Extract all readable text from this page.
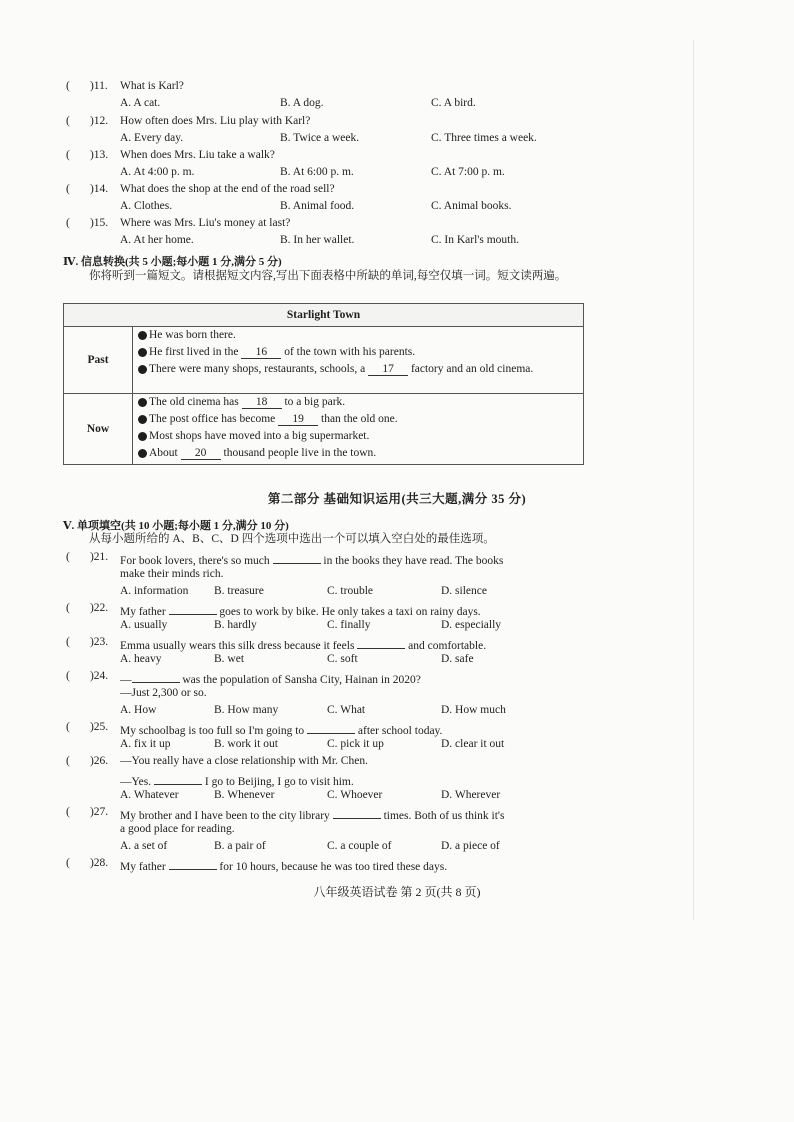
(       )11. What is Karl?
A. A cat.	B. A dog.	C. A bird.
(       )12. How often does Mrs. Liu play with Karl?
A. Every day.	B. Twice a week.	C. Three times a week.
(       )13. When does Mrs. Liu take a walk?
A. At 4:00 p. m.	B. At 6:00 p. m.	C. At 7:00 p. m.
(       )14. What does the shop at the end of the road sell?
A. Clothes.	B. Animal food.	C. Animal books.
(       )15. Where was Mrs. Liu's money at last?
A. At her home.	B. In her wallet.	C. In Karl's mouth.
Ⅳ. 信息转换(共 5 小题;每小题 1 分,满分 5 分)
你将听到一篇短文。请根据短文内容,写出下面表格中所缺的单词,每空仅填一词。短文读两遍。
Starlight Town	
Past	He was born there.
He first lived in the 16 of the town with his parents.
There were many shops, restaurants, schools, a 17 factory and an old cinema.

Now	The old cinema has 18 to a big park.
The post office has become 19 than the old one.
Most shops have moved into a big supermarket.
About 20 thousand people live in the town.
第二部分 基础知识运用(共三大题,满分 35 分)
Ⅴ. 单项填空(共 10 小题;每小题 1 分,满分 10 分)
从每小题所给的 A、B、C、D 四个选项中选出一个可以填入空白处的最佳选项。
(       )21. For book lovers, there's so much	in the books they have read. The books
make their minds rich.
A. information B. treasure	C. trouble	D. silence
(       )22. My father	goes to work by bike. He only takes a taxi on rainy days.
A. usually	B. hardly	C. finally	D. especially
(       )23. Emma usually wears this silk dress because it feels	and comfortable.
A. heavy	B. wet	C. soft	D. safe
(       )24. —	was the population of Sansha City, Hainan in 2020?
—Just 2,300 or so.
A. How	B. How many	C. What	D. How much
(       )25. My schoolbag is too full so I'm going to	after school today.
A. fix it up	B. work it out	C. pick it up	D. clear it out
(       )26. —You really have a close relationship with Mr. Chen.
—Yes.	I go to Beijing, I go to visit him.
A. Whatever	B. Whenever	C. Whoever	D. Wherever
(       )27. My brother and I have been to the city library	times. Both of us think it's
a good place for reading.
A. a set of	B. a pair of	C. a couple of	D. a piece of
(       )28. My father	for 10 hours, because he was too tired these days.
八年级英语试卷 第 2 页(共 8 页)
